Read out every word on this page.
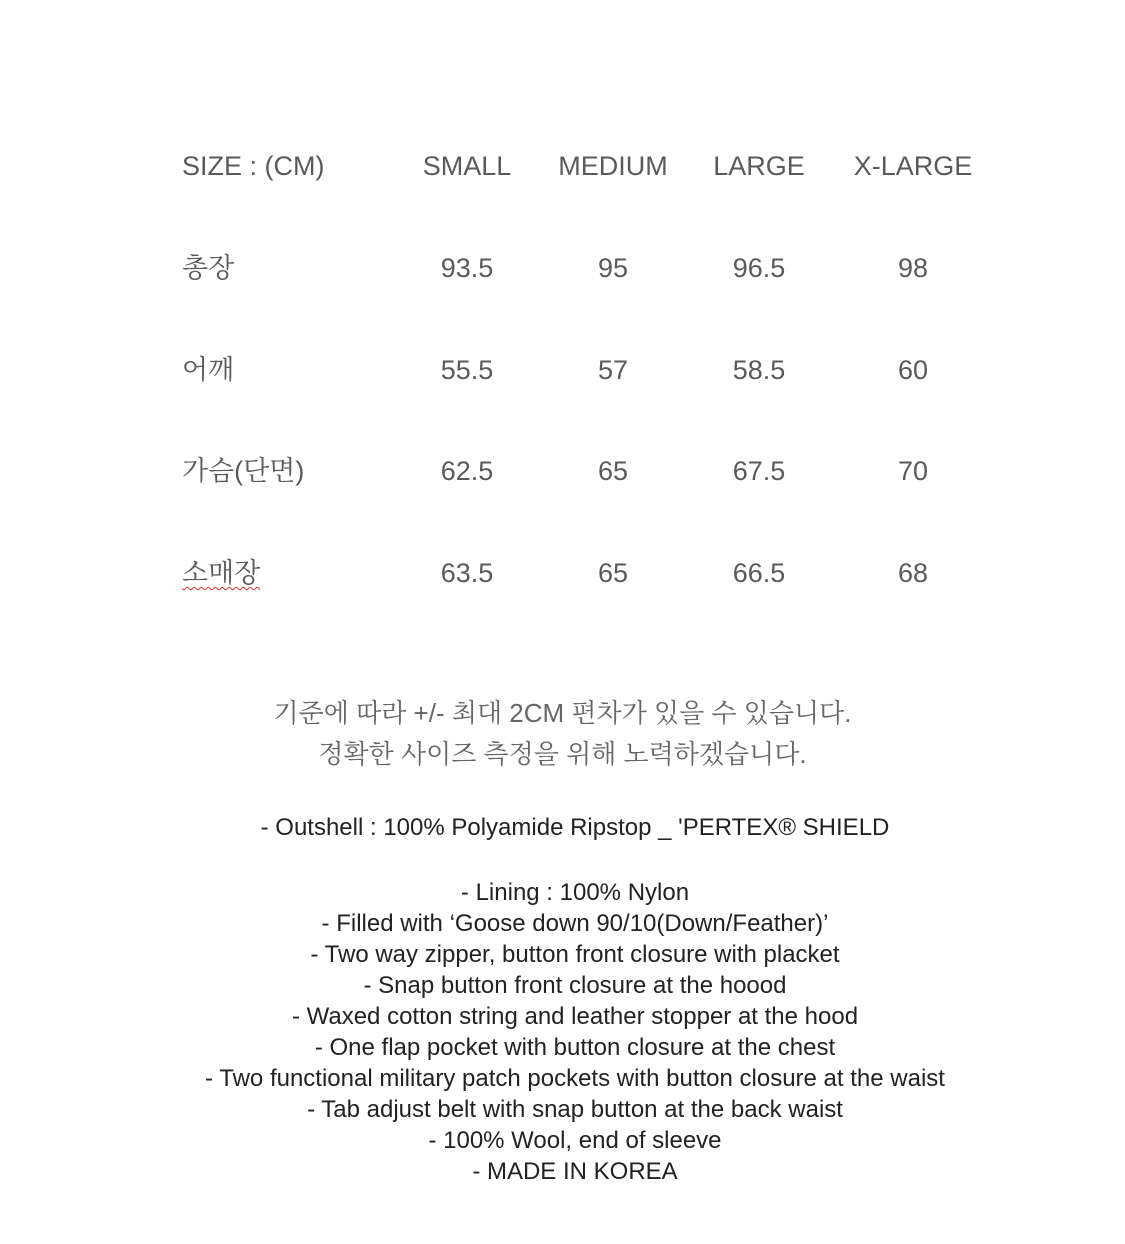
SIZE : (CM)	SMALL MEDIUM LARGE X-LARGE
총장	93.5	95	96.5	98
어깨	55.5	57	58.5	60
가슴(단면)	62.5	65	67.5	70
소매장	63.5	65	66.5	68
기준에 따라 +/- 최대 2CM 편차가 있을 수 있습니다.
정확한 사이즈 측정을 위해 노력하겠습니다.
- Outshell : 100% Polyamide Ripstop _ 'PERTEX® SHIELD
- Lining : 100% Nylon
- Filled with ‘Goose down 90/10(Down/Feather)’
- Two way zipper, button front closure with placket
- Snap button front closure at the hoood
- Waxed cotton string and leather stopper at the hood
- One flap pocket with button closure at the chest
- Two functional military patch pockets with button closure at the waist
- Tab adjust belt with snap button at the back waist
- 100% Wool, end of sleeve
- MADE IN KOREA
